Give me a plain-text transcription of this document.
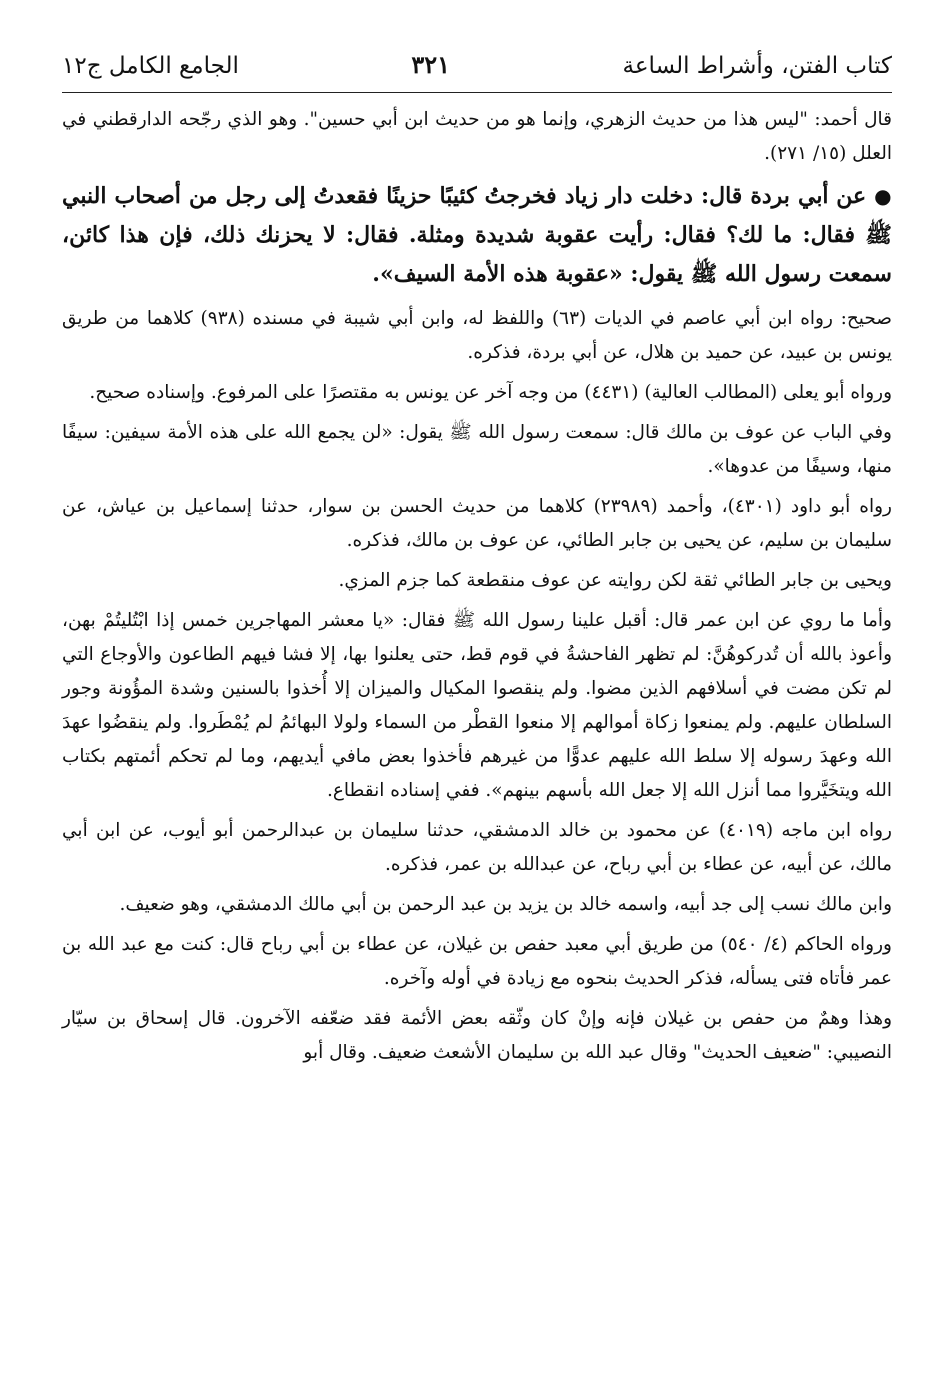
كتاب الفتن، وأشراط الساعة
٣٢١
الجامع الكامل ج١٢

قال أحمد: "ليس هذا من حديث الزهري، وإنما هو من حديث ابن أبي حسين". وهو الذي رجّحه الدارقطني في العلل (١٥/ ٢٧١).

● عن أبي بردة قال: دخلت دار زياد فخرجتُ كئيبًا حزينًا فقعدتُ إلى رجل من أصحاب النبي ﷺ فقال: ما لك؟ فقال: رأيت عقوبة شديدة ومثلة. فقال: لا يحزنك ذلك، فإن هذا كائن، سمعت رسول الله ﷺ يقول: «عقوبة هذه الأمة السيف».

صحيح: رواه ابن أبي عاصم في الديات (٦٣) واللفظ له، وابن أبي شيبة في مسنده (٩٣٨) كلاهما من طريق يونس بن عبيد، عن حميد بن هلال، عن أبي بردة، فذكره.

ورواه أبو يعلى (المطالب العالية) (٤٤٣١) من وجه آخر عن يونس به مقتصرًا على المرفوع. وإسناده صحيح.

وفي الباب عن عوف بن مالك قال: سمعت رسول الله ﷺ يقول: «لن يجمع الله على هذه الأمة سيفين: سيفًا منها، وسيفًا من عدوها».

رواه أبو داود (٤٣٠١)، وأحمد (٢٣٩٨٩) كلاهما من حديث الحسن بن سوار، حدثنا إسماعيل بن عياش، عن سليمان بن سليم، عن يحيى بن جابر الطائي، عن عوف بن مالك، فذكره.

ويحيى بن جابر الطائي ثقة لكن روايته عن عوف منقطعة كما جزم المزي.

وأما ما روي عن ابن عمر قال: أقبل علينا رسول الله ﷺ فقال: «يا معشر المهاجرين خمس إذا ابْتُليتُمْ بهن، وأعوذ بالله أن تُدركوهُنَّ: لم تظهر الفاحشةُ في قوم قط، حتى يعلنوا بها، إلا فشا فيهم الطاعون والأوجاع التي لم تكن مضت في أسلافهم الذين مضوا. ولم ينقصوا المكيال والميزان إلا أُخذوا بالسنين وشدة المؤُونة وجور السلطان عليهم. ولم يمنعوا زكاة أموالهم إلا منعوا القطْر من السماء ولولا البهائمُ لم يُمْطَروا. ولم ينقضُوا عهدَ الله وعهدَ رسوله إلا سلط الله عليهم عدوًّا من غيرهم فأخذوا بعض مافي أيديهم، وما لم تحكم أئمتهم بكتاب الله ويتخَيَّروا مما أنزل الله إلا جعل الله بأسهم بينهم». ففي إسناده انقطاع.

رواه ابن ماجه (٤٠١٩) عن محمود بن خالد الدمشقي، حدثنا سليمان بن عبدالرحمن أبو أيوب، عن ابن أبي مالك، عن أبيه، عن عطاء بن أبي رباح، عن عبدالله بن عمر، فذكره.

وابن مالك نسب إلى جد أبيه، واسمه خالد بن يزيد بن عبد الرحمن بن أبي مالك الدمشقي، وهو ضعيف.

ورواه الحاكم (٤/ ٥٤٠) من طريق أبي معبد حفص بن غيلان، عن عطاء بن أبي رباح قال: كنت مع عبد الله بن عمر فأتاه فتى يسأله، فذكر الحديث بنحوه مع زيادة في أوله وآخره.

وهذا وهمٌ من حفص بن غيلان فإنه وإنْ كان وثّقه بعض الأئمة فقد ضعّفه الآخرون. قال إسحاق بن سيّار النصيبي: "ضعيف الحديث" وقال عبد الله بن سليمان الأشعث ضعيف. وقال أبو
